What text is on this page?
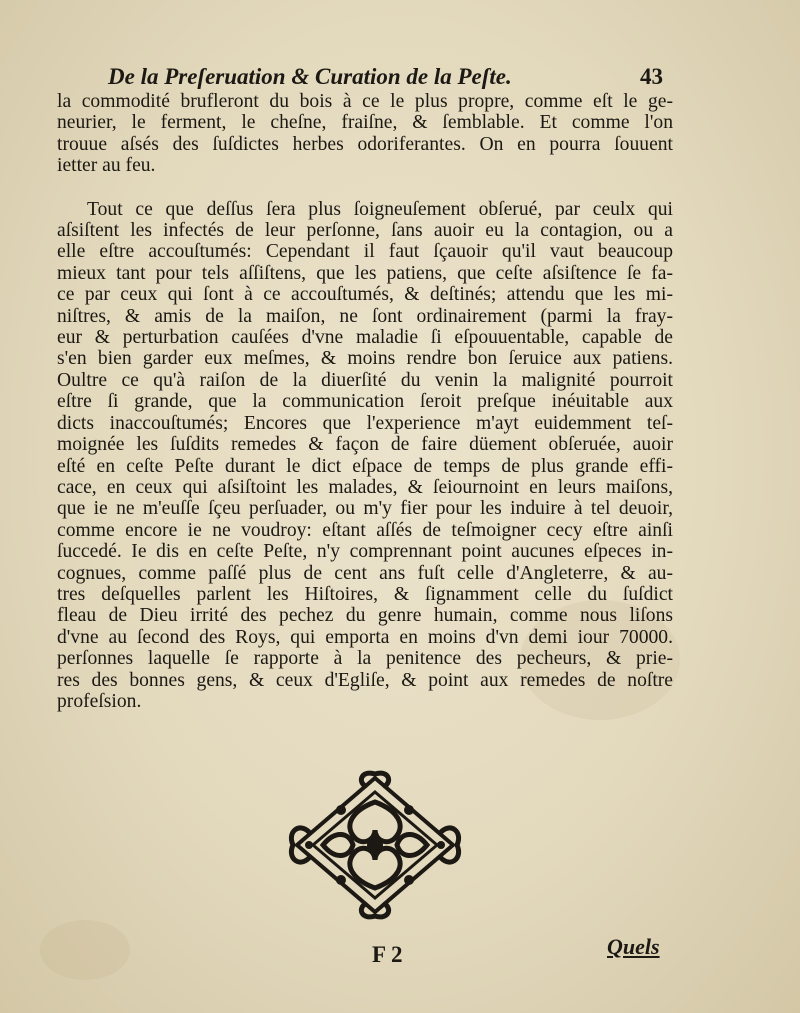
De la Preſeruation & Curation de la Peſte.	43
la commodité brufleront du bois à ce le plus propre, comme eſt le ge-
neurier, le ferment, le cheſne, fraiſne, & ſemblable. Et comme l'on
trouue aſsés des ſuſdictes herbes odoriferantes. On en pourra ſouuent
ietter au feu.
Tout ce que deſſus ſera plus ſoigneuſement obſerué, par ceulx qui
aſsiſtent les infectés de leur perſonne, ſans auoir eu la contagion, ou a
elle eſtre accouſtumés: Cependant il faut ſçauoir qu'il vaut beaucoup
mieux tant pour tels aſſiſtens, que les patiens, que ceſte aſsiſtence ſe fa-
ce par ceux qui ſont à ce accouſtumés, & deſtinés; attendu que les mi-
niſtres, & amis de la maiſon, ne ſont ordinairement (parmi la fray-
eur & perturbation cauſées d'vne maladie ſi eſpouuentable, capable de
s'en bien garder eux meſmes, & moins rendre bon ſeruice aux patiens.
Oultre ce qu'à raiſon de la diuerſité du venin la malignité pourroit
eſtre ſi grande, que la communication ſeroit preſque inéuitable aux
dicts inaccouſtumés; Encores que l'experience m'ayt euidemment teſ-
moignée les ſuſdits remedes & façon de faire düement obſeruée, auoir
eſté en ceſte Peſte durant le dict eſpace de temps de plus grande effi-
cace, en ceux qui aſsiſtoint les malades, & ſeiournoint en leurs maiſons,
que ie ne m'euſſe ſçeu perſuader, ou m'y fier pour les induire à tel deuoir,
comme encore ie ne voudroy: eſtant aſſés de teſmoigner cecy eſtre ainſi
ſuccedé. Ie dis en ceſte Peſte, n'y comprennant point aucunes eſpeces in-
cognues, comme paſſé plus de cent ans fuſt celle d'Angleterre, & au-
tres deſquelles parlent les Hiſtoires, & ſignamment celle du ſuſdict
fleau de Dieu irrité des pechez du genre humain, comme nous liſons
d'vne au ſecond des Roys, qui emporta en moins d'vn demi iour 70000.
perſonnes laquelle ſe rapporte à la penitence des pecheurs, & prie-
res des bonnes gens, & ceux d'Egliſe, & point aux remedes de noſtre
profeſsion.
F 2	Quels
